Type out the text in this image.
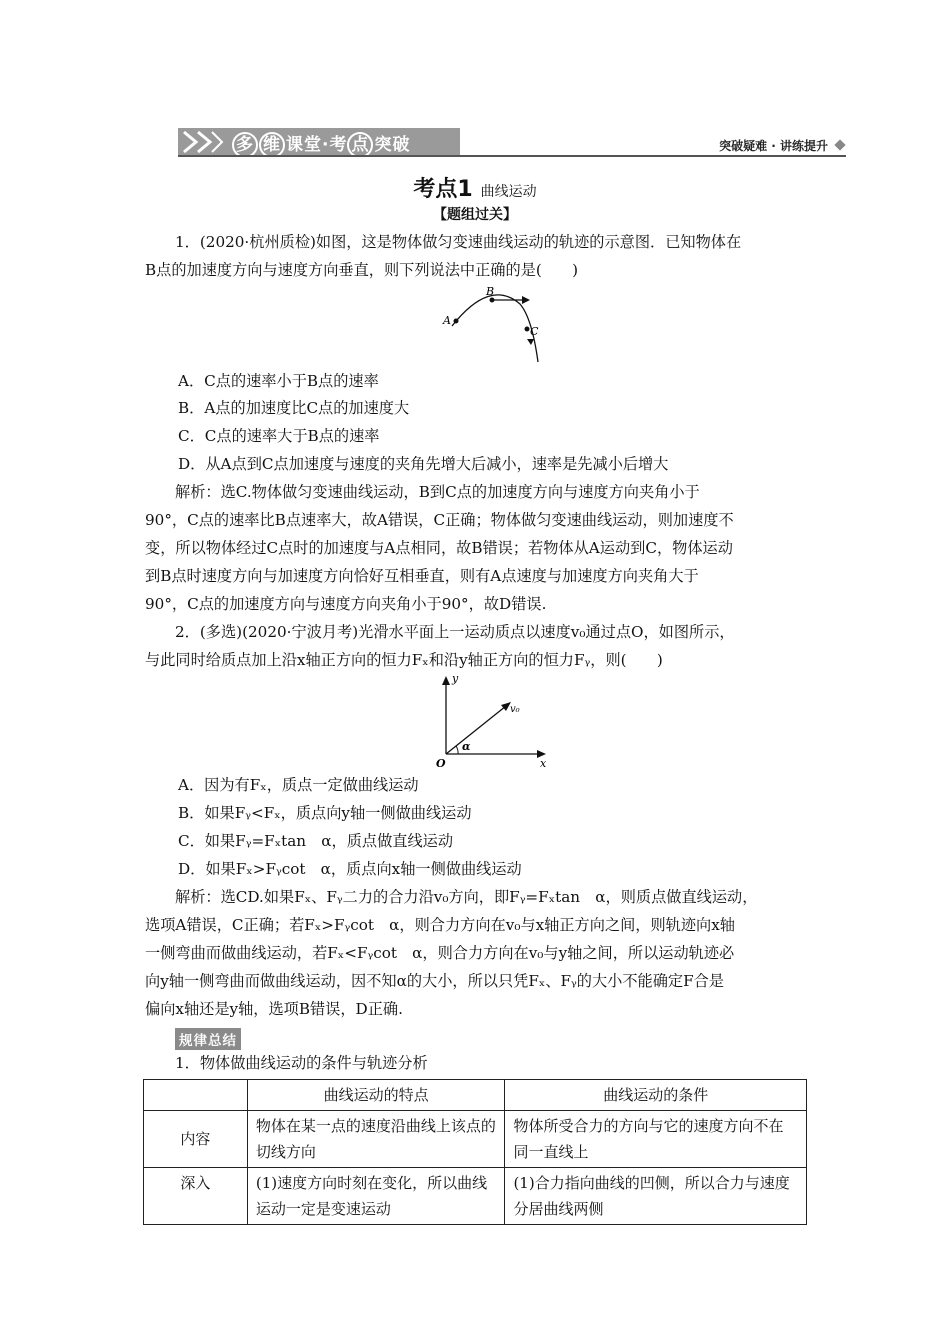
多 维 课堂·考 点 突破	突破疑难 · 讲练提升
考点1 曲线运动
【题组过关】
1．(2020·杭州质检)如图，这是物体做匀变速曲线运动的轨迹的示意图．已知物体在
B点的加速度方向与速度方向垂直，则下列说法中正确的是(　　)
A
B
C
A．C点的速率小于B点的速率
B．A点的加速度比C点的加速度大
C．C点的速率大于B点的速率
D．从A点到C点加速度与速度的夹角先增大后减小，速率是先减小后增大
解析：选C.物体做匀变速曲线运动，B到C点的加速度方向与速度方向夹角小于
90°，C点的速率比B点速率大，故A错误，C正确；物体做匀变速曲线运动，则加速度不
变，所以物体经过C点时的加速度与A点相同，故B错误；若物体从A运动到C，物体运动
到B点时速度方向与加速度方向恰好互相垂直，则有A点速度与加速度方向夹角大于
90°，C点的加速度方向与速度方向夹角小于90°，故D错误.
2．(多选)(2020·宁波月考)光滑水平面上一运动质点以速度v₀通过点O，如图所示，
与此同时给质点加上沿x轴正方向的恒力Fₓ和沿y轴正方向的恒力Fᵧ，则(　　)
y
x
O
v₀
α
A．因为有Fₓ，质点一定做曲线运动
B．如果Fᵧ<Fₓ，质点向y轴一侧做曲线运动
C．如果Fᵧ=Fₓtan　α，质点做直线运动
D．如果Fₓ>Fᵧcot　α，质点向x轴一侧做曲线运动
解析：选CD.如果Fₓ、Fᵧ二力的合力沿v₀方向，即Fᵧ=Fₓtan　α，则质点做直线运动，
选项A错误，C正确；若Fₓ>Fᵧcot　α，则合力方向在v₀与x轴正方向之间，则轨迹向x轴
一侧弯曲而做曲线运动，若Fₓ<Fᵧcot　α，则合力方向在v₀与y轴之间，所以运动轨迹必
向y轴一侧弯曲而做曲线运动，因不知α的大小，所以只凭Fₓ、Fᵧ的大小不能确定F合是
偏向x轴还是y轴，选项B错误，D正确.
规律总结
1．物体做曲线运动的条件与轨迹分析
	曲线运动的特点	曲线运动的条件
内容	物体在某一点的速度沿曲线上该点的切线方向	物体所受合力的方向与它的速度方向不在同一直线上
深入	(1)速度方向时刻在变化，所以曲线运动一定是变速运动	(1)合力指向曲线的凹侧，所以合力与速度分居曲线两侧
